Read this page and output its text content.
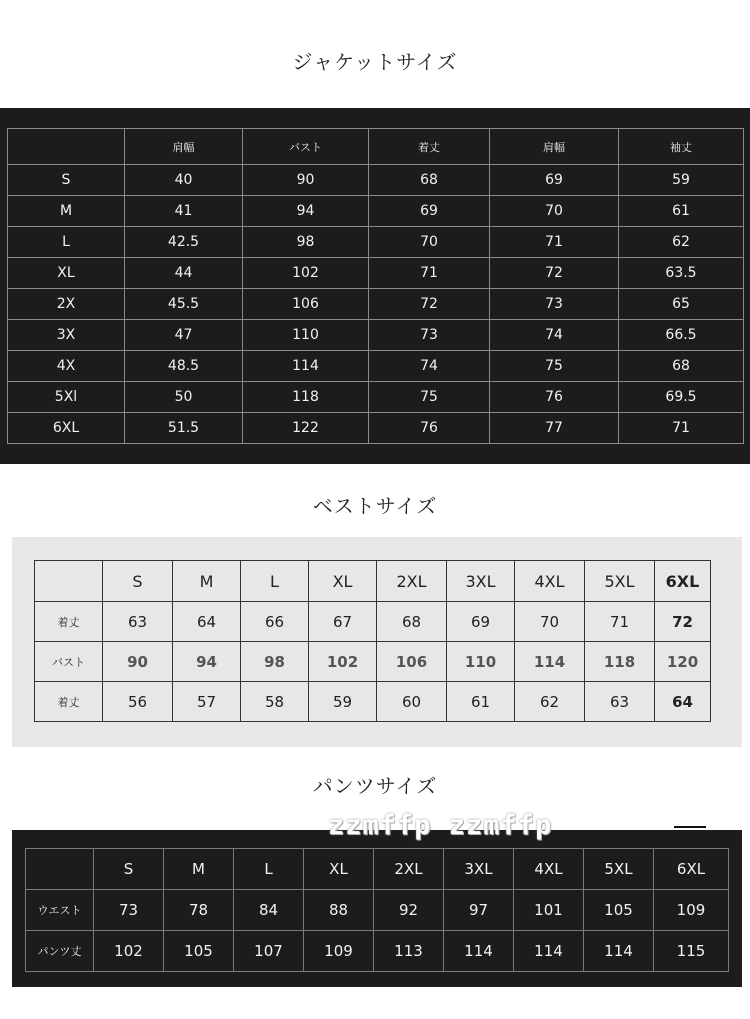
ジャケットサイズ
	肩幅	バスト	着丈	肩幅	袖丈
S	40	90	68	69	59
M	41	94	69	70	61
L	42.5	98	70	71	62
XL	44	102	71	72	63.5
2X	45.5	106	72	73	65
3X	47	110	73	74	66.5
4X	48.5	114	74	75	68
5Xl	50	118	75	76	69.5
6XL	51.5	122	76	77	71
ベストサイズ
	S	M	L	XL	2XL	3XL	4XL	5XL	6XL
着丈	63	64	66	67	68	69	70	71	72
バスト	90	94	98	102	106	110	114	118	120
着丈	56	57	58	59	60	61	62	63	64
パンツサイズ
	S	M	L	XL	2XL	3XL	4XL	5XL	6XL
ウエスト	73	78	84	88	92	97	101	105	109
パンツ丈	102	105	107	109	113	114	114	114	115
zzmffp zzmffp
